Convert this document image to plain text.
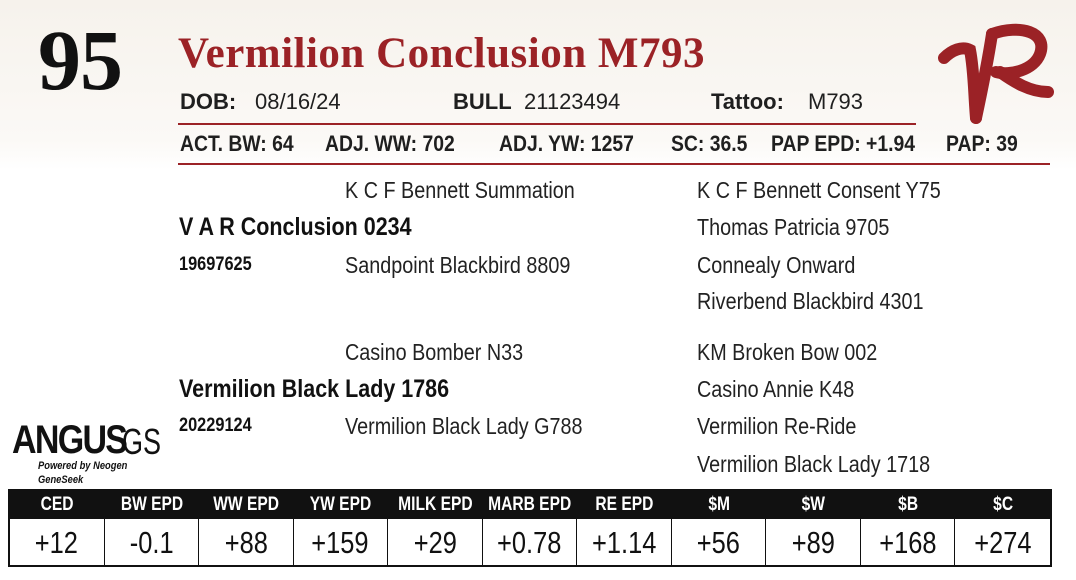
95 Vermilion Conclusion M793
DOB: 08/16/24	BULL 21123494	Tattoo: M793
ACT. BW: 64 ADJ. WW: 702 ADJ. YW: 1257 SC: 36.5 PAP EPD: +1.94 PAP: 39
K C F Bennett Summation	K C F Bennett Consent Y75
V A R Conclusion 0234	Thomas Patricia 9705
19697625	Sandpoint Blackbird 8809	Connealy Onward
Riverbend Blackbird 4301
Casino Bomber N33	KM Broken Bow 002
Vermilion Black Lady 1786	Casino Annie K48
20229124	Vermilion Black Lady G788	Vermilion Re-Ride
Vermilion Black Lady 1718
ANGUS
GS
Powered by Neogen GeneSeek
CED BW EPD WW EPD YW EPD MILK EPD MARB EPD RE EPD	$M	$W	$B	$C
+12 -0.1 +88 +159 +29 +0.78 +1.14 +56 +89 +168 +274
